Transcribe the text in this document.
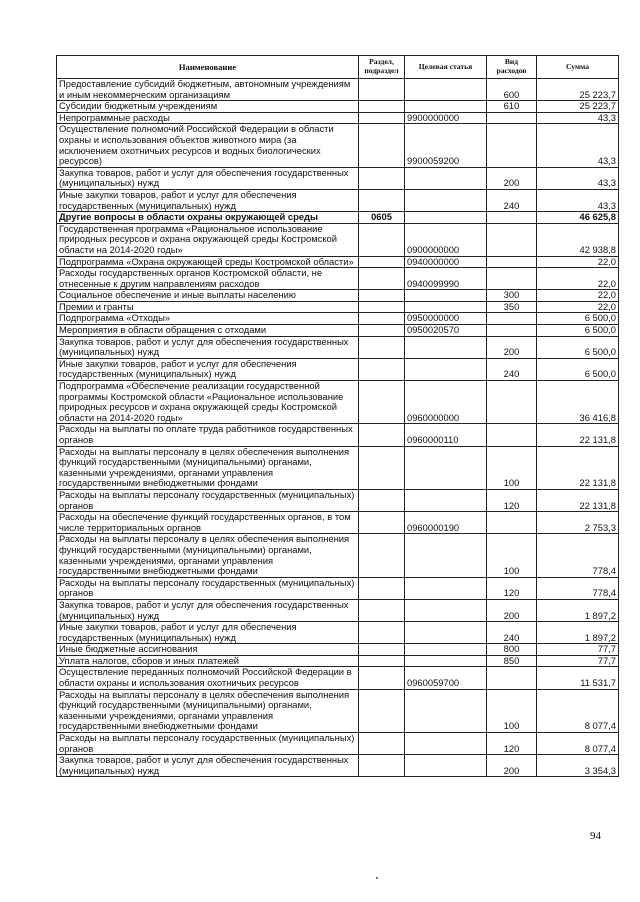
Наименование	Раздел, подраздел	Целевая статья	Вид расходов	Сумма
Предоставление субсидий бюджетным, автономным учреждениям и иным некоммерческим организациям			600	25 223,7
Субсидии бюджетным учреждениям			610	25 223,7
Непрограммные расходы		9900000000		43,3
Осуществление полномочий Российской Федерации в области охраны и использования объектов животного мира (за исключением охотничьих ресурсов и водных биологических ресурсов)		9900059200		43,3
Закупка товаров, работ и услуг для обеспечения государственных (муниципальных) нужд			200	43,3
Иные закупки товаров, работ и услуг для обеспечения государственных (муниципальных) нужд			240	43,3
Другие вопросы в области охраны окружающей среды	0605			46 625,8
Государственная программа «Рациональное использование природных ресурсов и охрана окружающей среды Костромской области на 2014-2020 годы»		0900000000		42 938,8
Подпрограмма «Охрана окружающей среды Костромской области»		0940000000		22,0
Расходы государственных органов Костромской области, не отнесенные к другим направлениям расходов		0940099990		22,0
Социальное обеспечение и иные выплаты населению			300	22,0
Премии и гранты			350	22,0
Подпрограмма «Отходы»		0950000000		6 500,0
Мероприятия в области обращения с отходами		0950020570		6 500,0
Закупка товаров, работ и услуг для обеспечения государственных (муниципальных) нужд			200	6 500,0
Иные закупки товаров, работ и услуг для обеспечения государственных (муниципальных) нужд			240	6 500,0
Подпрограмма «Обеспечение реализации государственной программы Костромской области «Рациональное использование природных ресурсов и охрана окружающей среды Костромской области на 2014-2020 годы»		0960000000		36 416,8
Расходы на выплаты по оплате труда работников государственных органов		0960000110		22 131,8
Расходы на выплаты персоналу в целях обеспечения выполнения функций государственными (муниципальными) органами, казенными учреждениями, органами управления государственными внебюджетными фондами			100	22 131,8
Расходы на выплаты персоналу государственных (муниципальных) органов			120	22 131,8
Расходы на обеспечение функций государственных органов, в том числе территориальных органов		0960000190		2 753,3
Расходы на выплаты персоналу в целях обеспечения выполнения функций государственными (муниципальными) органами, казенными учреждениями, органами управления государственными внебюджетными фондами			100	778,4
Расходы на выплаты персоналу государственных (муниципальных) органов			120	778,4
Закупка товаров, работ и услуг для обеспечения государственных (муниципальных) нужд			200	1 897,2
Иные закупки товаров, работ и услуг для обеспечения государственных (муниципальных) нужд			240	1 897,2
Иные бюджетные ассигнования			800	77,7
Уплата налогов, сборов и иных платежей			850	77,7
Осуществление переданных полномочий Российской Федерации в области охраны и использования охотничьих ресурсов		0960059700		11 531,7
Расходы на выплаты персоналу в целях обеспечения выполнения функций государственными (муниципальными) органами, казенными учреждениями, органами управления государственными внебюджетными фондами			100	8 077,4
Расходы на выплаты персоналу государственных (муниципальных) органов			120	8 077,4
Закупка товаров, работ и услуг для обеспечения государственных (муниципальных) нужд			200	3 354,3
94
